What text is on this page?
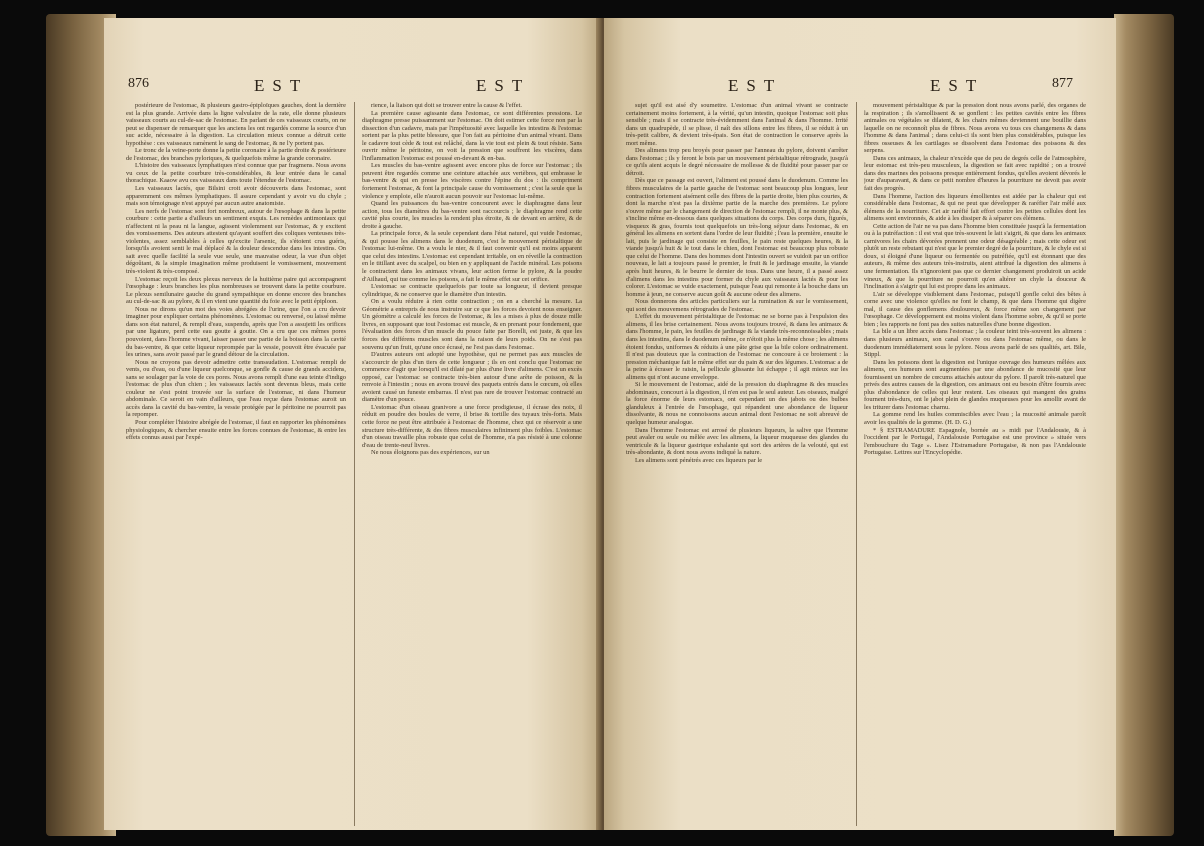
876	EST	EST

postérieure de l'estomac, & plusieurs gastro-épiploïques gauches, dont la dernière est la plus grande. Arrivée dans la ligne valvulaire de la rate, elle donne plusieurs vaisseaux courts au cul-de-sac de l'estomac. En parlant de ces vaisseaux courts, on ne peut se dispenser de remarquer que les anciens les ont regardés comme la source d'un suc acide, nécessaire à la digestion. La circulation mieux connue a détruit cette hypothèse : ces vaisseaux ramènent le sang de l'estomac, & ne l'y portent pas.

Le tronc de la veine-porte donne la petite coronaire à la partie droite & postérieure de l'estomac, des branches pyloriques, & quelquefois même la grande coronaire.

L'histoire des vaisseaux lymphatiques n'est connue que par fragmens. Nous avons vu ceux de la petite courbure très-considérables, & leur entrée dans le canal thorachique. Kaaow avu ces vaisseaux dans toute l'étendue de l'estomac.

Les vaisseaux lactés, que Bilsini croit avoir découverts dans l'estomac, sont apparemment ces mêmes lymphatiques. Il assure cependant y avoir vu du chyle ; mais son témoignage n'est appuyé par aucun autre anatomiste.

Les nerfs de l'estomac sont fort nombreux, autour de l'œsophage & dans la petite courbure : cette partie a d'ailleurs un sentiment exquis. Les remèdes antimoniaux qui n'affectent ni la peau ni la langue, agissent violemment sur l'estomac, & y excitent des vomissemens. Des auteurs attestent qu'ayant souffert des coliques venteuses très-violentes, assez semblables à celles qu'excite l'arsenic, ils s'étoient crus guéris, lorsqu'ils avoient senti le mal déplacé & la douleur descendue dans les intestins. On sait avec quelle facilité la seule vue seule, une mauvaise odeur, la vue d'un objet dégoûtant, & la simple imagination même produisent le vomissement, mouvement très-violent & très-composé.

L'estomac reçoit les deux plexus nerveux de la huitième paire qui accompagnent l'œsophage : leurs branches les plus nombreuses se trouvent dans la petite courbure. Le plexus semilunaire gauche du grand sympathique en donne encore des branches au cul-de-sac & au pylore, & il en vient une quantité du foie avec le petit épiploon.

Nous ne dirons qu'un mot des voies abrégées de l'urine, que l'on a cru devoir imaginer pour expliquer certains phénomènes. L'estomac ou renversé, ou laissé même dans son état naturel, & rempli d'eau, suspendu, après que l'on a assujetti les orifices par une ligature, perd cette eau goutte à goutte. On a cru que ces mêmes pores pouvoient, dans l'homme vivant, laisser passer une partie de la boisson dans la cavité du bas-ventre, & que cette liqueur reprompée par la vessie, pouvoit être évacuée par les urines, sans avoir passé par le grand détour de la circulation.

Nous ne croyons pas devoir admettre cette transsudation. L'estomac rempli de vents, ou d'eau, ou d'une liqueur quelconque, se gonfle & cause de grands accidens, sans se soulager par la voie de ces pores. Nous avons rempli d'une eau teinte d'indigo l'estomac de plus d'un chien ; les vaisseaux lactés sont devenus bleus, mais cette couleur ne s'est point trouvée sur la surface de l'estomac, ni dans l'humeur abdominale. Ce seroit en vain d'ailleurs, que l'eau reçue dans l'estomac auroit un accès dans la cavité du bas-ventre, la vessie protégée par le péritoine ne pourroit pas la repomper.

Pour compléter l'histoire abrégée de l'estomac, il faut en rapporter les phénomènes physiologiques, & chercher ensuite entre les forces connues de l'estomac, & entre les effets connus aussi par l'expé-

rience, la liaison qui doit se trouver entre la cause & l'effet.

La première cause agissante dans l'estomac, ce sont différentes pressions. Le diaphragme presse puissamment sur l'estomac. On doit estimer cette force non par la dissection d'un cadavre, mais par l'impétuosité avec laquelle les intestins & l'estomac sortent par la plus petite blessure, que l'on fait au péritoine d'un animal vivant. Dans le cadavre tout cède & tout est relâché, dans la vie tout est plein & tout résiste. Sans ouvrir même le péritoine, on voit la pression que souffrent les viscères, dans l'inflammation l'estomac est poussé en-devant & en-bas.

Les muscles du bas-ventre agissent avec encore plus de force sur l'estomac ; ils peuvent être regardés comme une ceinture attachée aux vertèbres, qui embrasse le bas-ventre & qui en presse les viscères contre l'épine du dos : ils compriment fortement l'estomac, & font la principale cause du vomissement ; c'est la seule que la violence y emploie, elle n'auroit aucun pouvoir sur l'estomac lui-même.

Quand les puissances du bas-ventre concourent avec le diaphragme dans leur action, tous les diamètres du bas-ventre sont raccourcis ; le diaphragme rend cette cavité plus courte, les muscles la rendent plus étroite, & de devant en arrière, & de droite à gauche.

La principale force, & la seule cependant dans l'état naturel, qui vuide l'estomac, & qui pousse les alimens dans le duodenum, c'est le mouvement péristaltique de l'estomac lui-même. On a voulu le nier, & il faut convenir qu'il est moins apparent que celui des intestins. L'estomac est cependant irritable, on en réveille la contraction en le titillant avec du scalpel, ou bien en y appliquant de l'acide minéral. Les poisons le contractent dans les animaux vivans, leur action ferme le pylore, & la poudre d'Ailhaud, qui tue comme les poisons, a fait le même effet sur cet orifice.

L'estomac se contracte quelquefois par toute sa longueur, il devient presque cylindrique, & ne conserve que le diamètre d'un intestin.

On a voulu réduire à rien cette contraction ; on en a cherché la mesure. La Géométrie a entrepris de nous instruire sur ce que les forces devoient nous enseigner. Un géomètre a calculé les forces de l'estomac, & les a mises à plus de douze mille livres, en supposant que tout l'estomac est muscle, & en prenant pour fondement, que l'évaluation des forces d'un muscle du pouce faite par Borelli, est juste, & que les forces des différens muscles sont dans la raison de leurs poids. On ne s'est pas souvenu qu'un fruit, qu'une once écrasé, ne l'est pas dans l'estomac.

D'autres auteurs ont adopté une hypothèse, qui ne permet pas aux muscles de s'accourcir de plus d'un tiers de cette longueur ; ils en ont conclu que l'estomac ne commence d'agir que lorsqu'il est dilaté par plus d'une livre d'alimens. C'est un excès opposé, car l'estomac se contracte très-bien autour d'une arête de poisson, & la renvoie à l'intestin ; nous en avons trouvé des paquets entrés dans le cœcum, où elles avoient causé un funeste embarras. Il n'est pas rare de trouver l'estomac contracté au diamètre d'un pouce.

L'estomac d'un oiseau granivore a une force prodigieuse, il écrase des noix, il réduit en poudre des boules de verre, il brise & tortille des tuyaux très-forts. Mais cette force ne peut être attribuée à l'estomac de l'homme, chez qui ce réservoir a une structure très-différente, & des fibres musculaires infiniment plus foibles. L'estomac d'un oiseau travaille plus robuste que celui de l'homme, n'a pas résisté à une colonne d'eau de trente-neuf livres.

Ne nous éloignons pas des expériences, sur un

EST	EST	877

sujet qu'il est aisé d'y soumettre. L'estomac d'un animal vivant se contracte certainement moins fortement, à la vérité, qu'un intestin, quoique l'estomac soit plus sensible ; mais il se contracte très-évidemment dans l'animal & dans l'homme. Irrité dans un quadrupède, il se plisse, il naît des sillons entre les fibres, il se réduit à un très-petit calibre, & devient très-épais. Son état de contraction le conserve après la mort même.

Des alimens trop peu broyés pour passer par l'anneau du pylore, doivent s'arrêter dans l'estomac ; ils y feront le bois par un mouvement péristaltique rétrograde, jusqu'à ce qu'ils aient acquis le degré nécessaire de mollesse & de fluidité pour passer par ce détroit.

Dès que ce passage est ouvert, l'aliment est poussé dans le duodenum. Comme les fibres musculaires de la partie gauche de l'estomac sont beaucoup plus longues, leur contraction fortement aisément celle des fibres de la partie droite, bien plus courtes, & dont la marche n'est pas la dixième partie de la marche des premières. Le pylore s'ouvre même par le changement de direction de l'estomac rempli, il ne monte plus, & s'incline même en-dessous dans quelques situations du corps. Des corps durs, figurés, visqueux & gras, fournis tout quelquefois un très-long séjour dans l'estomac, & en général les alimens en sortent dans l'ordre de leur fluidité ; l'eau la première, ensuite le lait, puis le jardinage qui consiste en feuilles, le pain reste quelques heures, & la viande jusqu'à huit & le tout dans le chien, dont l'estomac est beaucoup plus robuste que celui de l'homme. Dans des hommes dont l'intestin ouvert se vuidoit par un orifice nouveau, le lait a toujours passé le premier, le fruit & le jardinage ensuite, la viande après huit heures, & le beurre le dernier de tous. Dans une heure, il a passé assez d'alimens dans les intestins pour former du chyle aux vaisseaux lactés & pour les colorer. L'estomac se vuide exactement, puisque l'eau qui remonte à la bouche dans un homme à jeun, ne conserve aucun goût & aucune odeur des alimens.

Nous donnerons des articles particuliers sur la rumination & sur le vomissement, qui sont des mouvemens rétrogrades de l'estomac.

L'effet du mouvement péristaltique de l'estomac ne se borne pas à l'expulsion des alimens, il les brise certainement. Nous avons toujours trouvé, & dans les animaux & dans l'homme, le pain, les feuilles de jardinage & la viande très-reconnoissables ; mais dans les intestins, dans le duodenum même, ce n'étoit plus la même chose ; les alimens étoient fondus, uniformes & réduits à une pâte grise que la bile colore ordinairement. Il n'est pas douteux que la contraction de l'estomac ne concoure à ce broiement : la pression méchanique fait le même effet sur du pain & sur des légumes. L'estomac a de la peine à écraser le raisin, la pellicule glissante lui échappe ; il agit mieux sur les alimens qui n'ont aucune enveloppe.

Si le mouvement de l'estomac, aidé de la pression du diaphragme & des muscles abdominaux, concourt à la digestion, il n'en est pas le seul auteur. Les oiseaux, malgré la force énorme de leurs estomacs, ont cependant un des jabots ou des bulbes glanduleux à l'entrée de l'œsophage, qui répandent une abondance de liqueur dissolvante, & nous ne connoissons aucun animal dont l'estomac ne soit abreuvé de quelque humeur analogue.

Dans l'homme l'estomac est arrosé de plusieurs liqueurs, la salive que l'homme peut avaler ou seule ou mêlée avec les alimens, la liqueur muqueuse des glandes du ventricule & la liqueur gastrique exhalante qui sort des artères de la velouté, qui est très-abondante, & dont nous avons indiqué la nature.

Les alimens sont pénétrés avec ces liqueurs par le

mouvement péristaltique & par la pression dont nous avons parlé, des organes de la respiration ; ils s'amollissent & se gonflent : les petites cavités entre les fibres animales ou végétales se dilatent, & les chairs mêmes deviennent une bouillie dans laquelle on ne reconnoît plus de fibres. Nous avons vu tous ces changemens & dans l'homme & dans l'animal ; dans celui-ci ils sont bien plus considérables, puisque les fibres osseuses & les cartilages se dissolvent dans l'estomac des poissons & des serpens.

Dans ces animaux, la chaleur n'excède que de peu de degrés celle de l'atmosphère, leur estomac est très-peu musculeux, la digestion se fait avec rapidité ; on a trouvé dans des marines des poissons presque entièrement fondus, qu'elles avoient dévorés le jour d'auparavant, & dans ce petit nombre d'heures la pourriture ne devoit pas avoir fait des progrès.

Dans l'homme, l'action des liqueurs émollientes est aidée par la chaleur qui est considérable dans l'estomac, & qui ne peut que développer & raréfier l'air mêlé aux élémens de la nourriture. Cet air raréfié fait effort contre les petites cellules dont les alimens sont environnés, & aide à les dissiper & à séparer ces élémens.

Cette action de l'air ne va pas dans l'homme bien constituée jusqu'à la fermentation ou à la putréfaction : il est vrai que très-souvent le lait s'aigrit, & que dans les animaux carnivores les chairs dévorées prennent une odeur désagréable ; mais cette odeur est plutôt un reste rebutant qui n'est que le premier degré de la pourriture, & le chyle est si doux, si éloigné d'une liqueur ou fermentée ou putréfiée, qu'il est étonnant que des auteurs, & même des auteurs très-instruits, aient attribué la digestion des alimens à une fermentation. Ils n'ignoroient pas que ce dernier changement produiroit un acide vineux, & que la pourriture ne pourroit qu'en altérer un chyle la douceur & l'inclination à s'aigrir qui lui est propre dans les animaux.

L'air se développe visiblement dans l'estomac, puisqu'il gonfle celui des bêtes à corne avec une violence qu'elles ne font le champ, & que dans l'homme qui digère mal, il cause des gonflemens douloureux, & force même son changement par l'œsophage. Ce développement est moins violent dans l'homme sobre, & qu'il se porte bien ; les rapports ne font pas des suites naturelles d'une bonne digestion.

La bile a un libre accès dans l'estomac ; la couleur teint très-souvent les alimens : dans plusieurs animaux, son canal s'ouvre ou dans l'estomac même, ou dans le duodenum immédiatement sous le pylore. Nous avons parlé de ses qualités, art. Bile, Stippl.

Dans les poissons dont la digestion est l'unique ouvrage des humeurs mêlées aux alimens, ces humeurs sont augmentées par une abondance de mucosité que leur fournissent un nombre de cœcums attachés autour du pylore. Il paroît très-naturel que privés des autres causes de la digestion, ces animaux ont eu besoin d'être fournis avec plus d'abondance de celles qui leur restent. Les oiseaux qui mangent des grains fournent très-durs, ont le jabot plein de glandes muqueuses pour les amollir avant de les triturer dans l'estomac charnu.

La gomme rend les huiles commiscibles avec l'eau ; la mucosité animale paroît avoir les qualités de la gomme. (H. D. G.)

* § ESTRAMADURE Espagnole, bornée au » midi par l'Andalousie, & à l'occident par le Portugal, l'Andalousie Portugaise est une province » située vers l'embouchure du Tage ». Lisez l'Estramadure Portugaise, & non pas l'Andalousie Portugaise. Lettres sur l'Encyclopédie.
